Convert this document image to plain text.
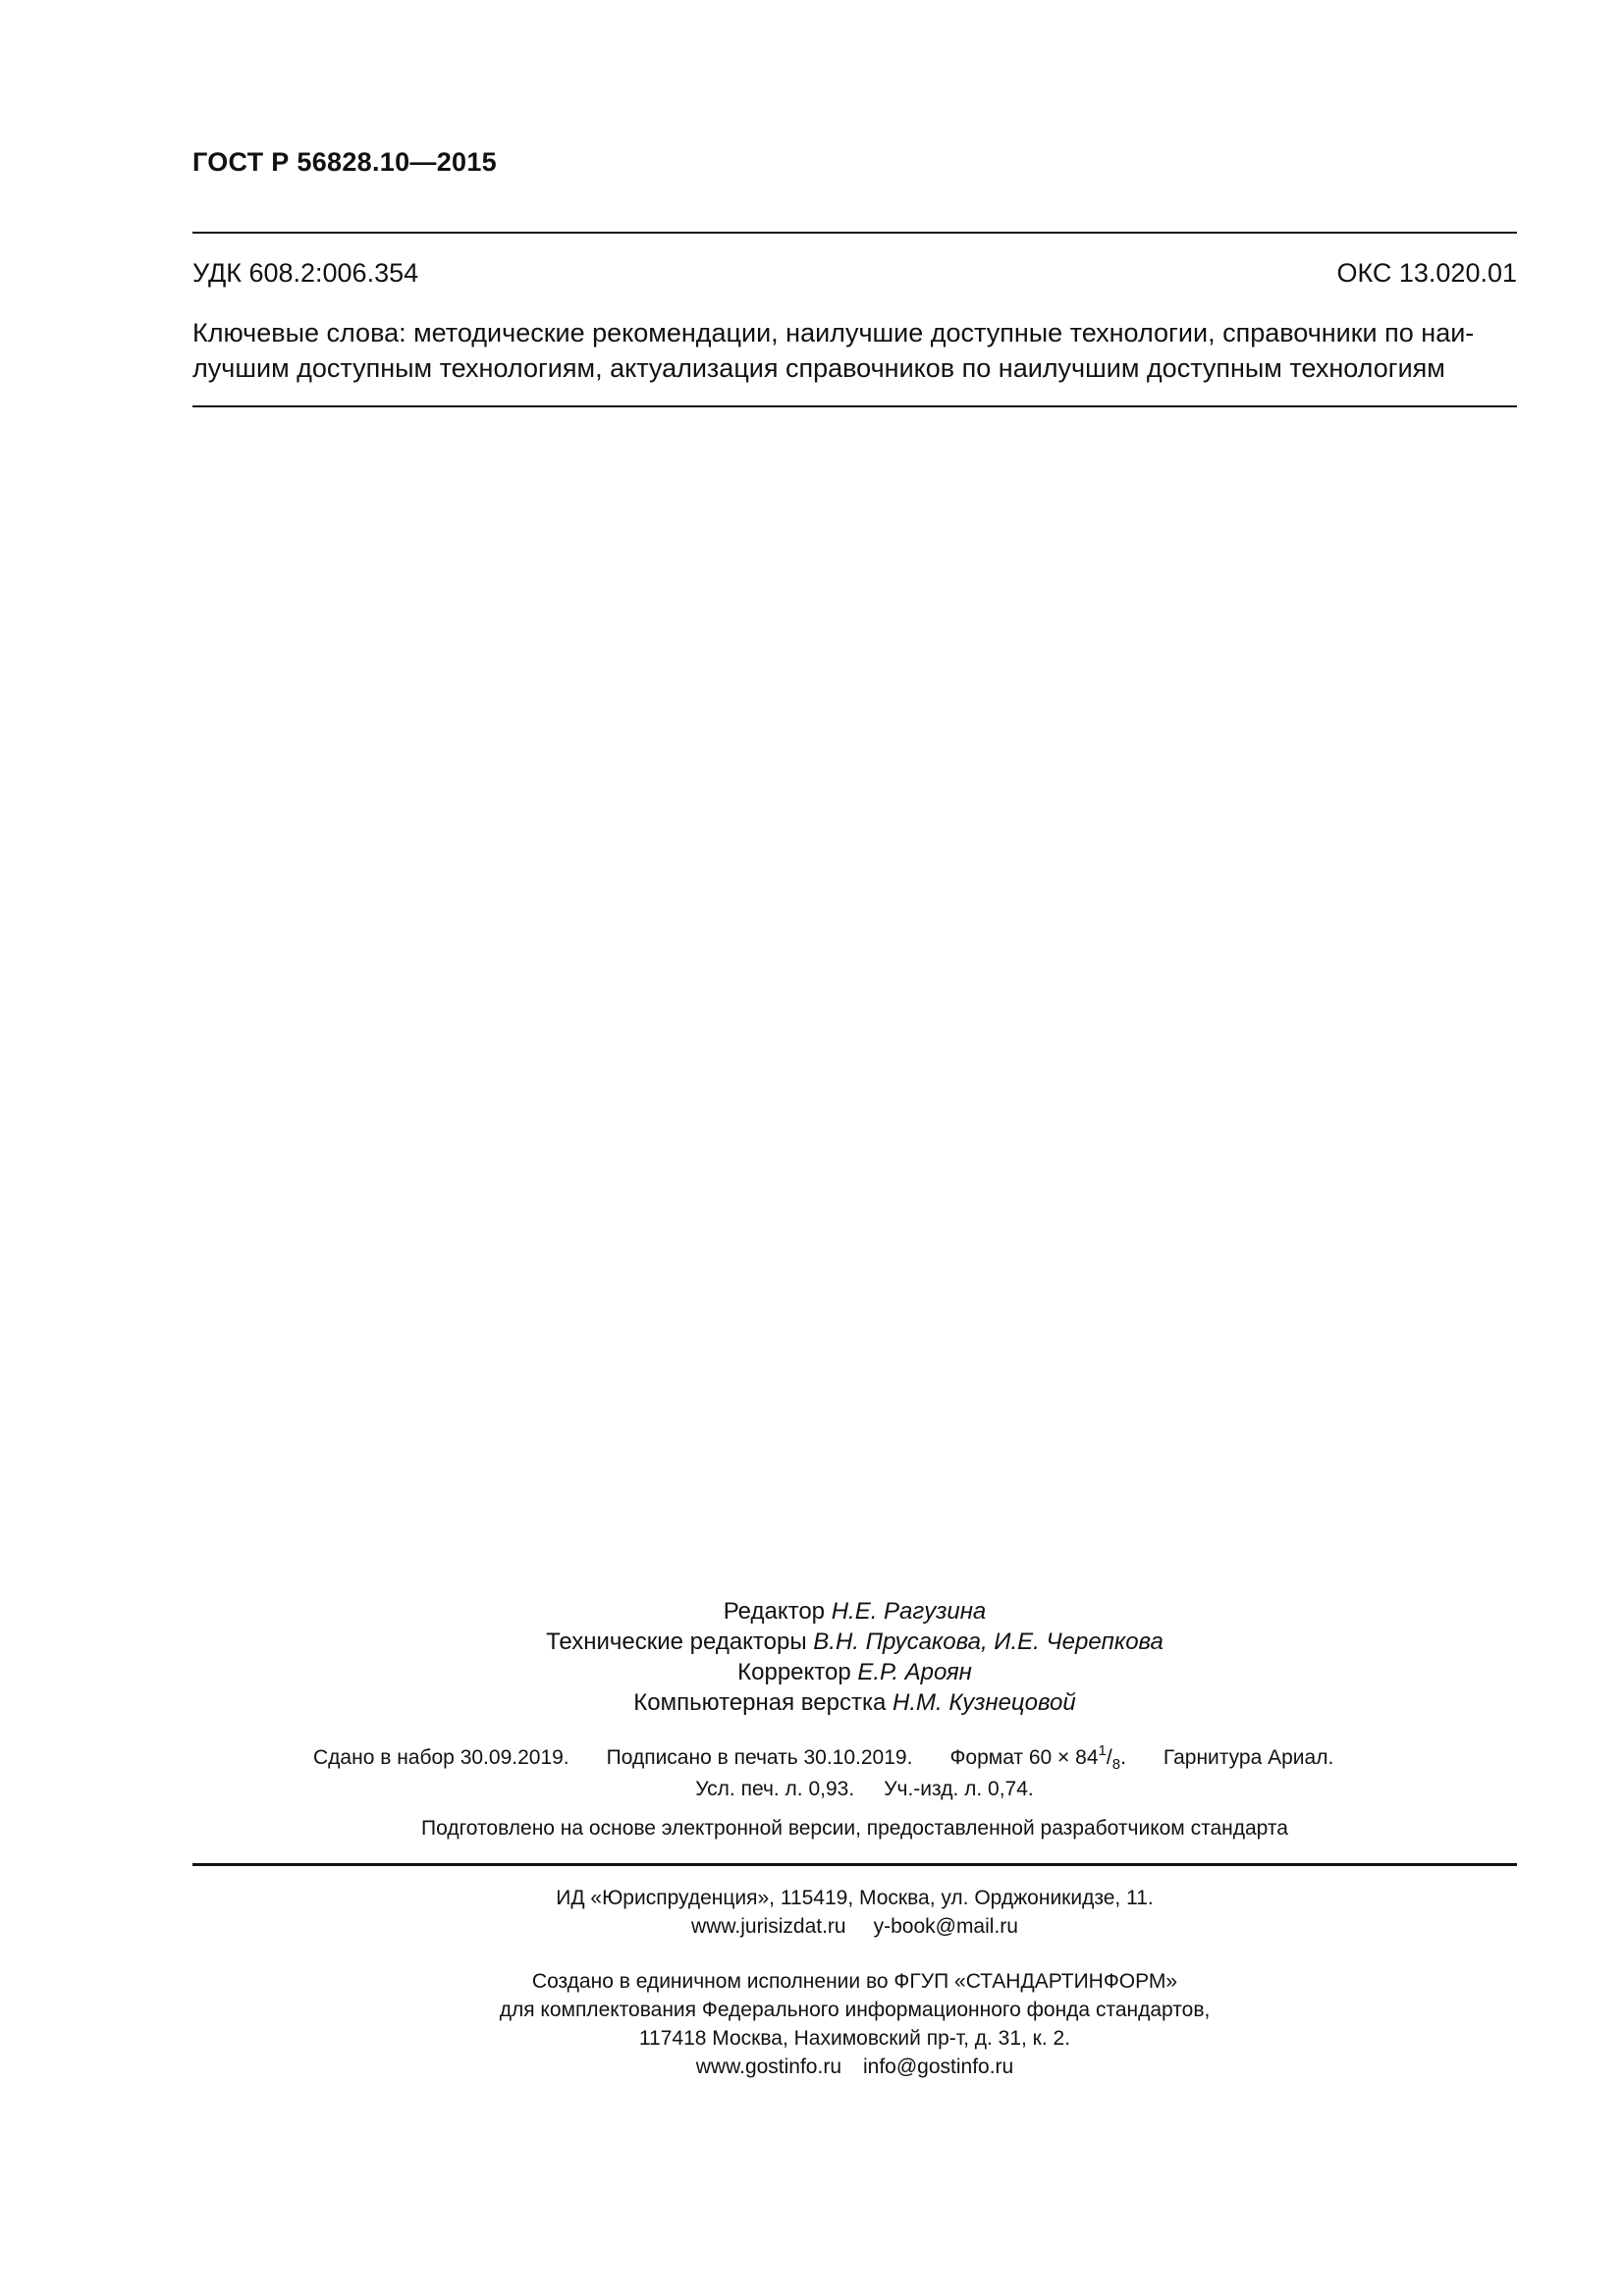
ГОСТ Р 56828.10—2015
УДК 608.2:006.354	ОКС 13.020.01
Ключевые слова: методические рекомендации, наилучшие доступные технологии, справочники по наи-
лучшим доступным технологиям, актуализация справочников по наилучшим доступным технологиям
Редактор Н.Е. Рагузина
Технические редакторы В.Н. Прусакова, И.Е. Черепкова
Корректор Е.Р. Ароян
Компьютерная верстка Н.М. Кузнецовой
Сдано в набор 30.09.2019. Подписано в печать 30.10.2019. Формат 60 × 841/8. Гарнитура Ариал.
Усл. печ. л. 0,93. Уч.-изд. л. 0,74.
Подготовлено на основе электронной версии, предоставленной разработчиком стандарта
ИД «Юриспруденция», 115419, Москва, ул. Орджоникидзе, 11.
www.jurisizdat.ru y-book@mail.ru
Создано в единичном исполнении во ФГУП «СТАНДАРТИНФОРМ»
для комплектования Федерального информационного фонда стандартов,
117418 Москва, Нахимовский пр-т, д. 31, к. 2.
www.gostinfo.ru info@gostinfo.ru
